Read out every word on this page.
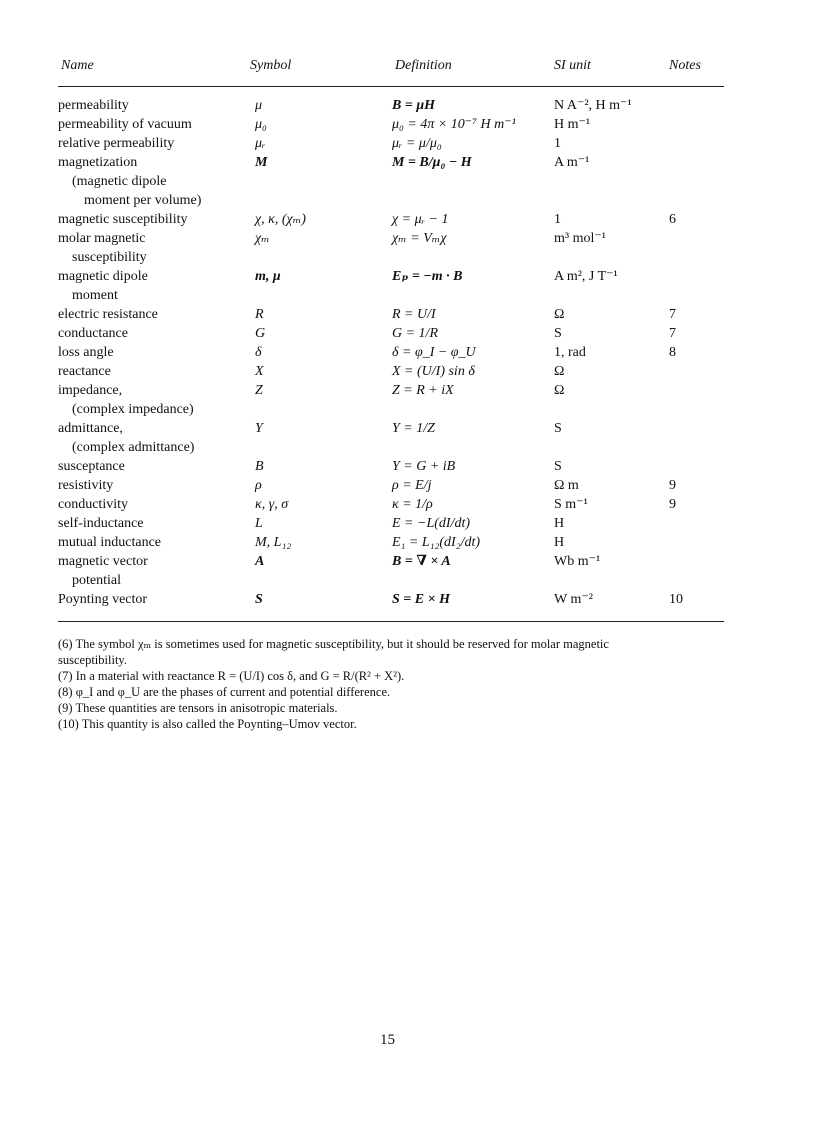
Name	Symbol	Definition	SI unit	Notes
permeability	μ	B = μH	N A⁻², H m⁻¹
permeability of vacuum	μ₀	μ₀ = 4π × 10⁻⁷ H m⁻¹	H m⁻¹
relative permeability	μᵣ	μᵣ = μ/μ₀	1
magnetization	M	M = B/μ₀ − H	A m⁻¹
(magnetic dipole
moment per volume)
magnetic susceptibility	χ, κ, (χₘ)	χ = μᵣ − 1	1	6
molar magnetic	χₘ	χₘ = Vₘχ	m³ mol⁻¹
susceptibility
magnetic dipole	m, μ	Eₚ = −m · B	A m², J T⁻¹
moment
electric resistance	R	R = U/I	Ω	7
conductance	G	G = 1/R	S	7
loss angle	δ	δ = φ_I − φ_U	1, rad	8
reactance	X	X = (U/I) sin δ	Ω
impedance,	Z	Z = R + iX	Ω
(complex impedance)
admittance,	Y	Y = 1/Z	S
(complex admittance)
susceptance	B	Y = G + iB	S
resistivity	ρ	ρ = E/j	Ω m	9
conductivity	κ, γ, σ	κ = 1/ρ	S m⁻¹	9
self-inductance	L	E = −L(dI/dt)	H
mutual inductance	M, L₁₂	E₁ = L₁₂(dI₂/dt)	H
magnetic vector	A	B = ∇ × A	Wb m⁻¹
potential
Poynting vector	S	S = E × H	W m⁻²	10
(6) The symbol χₘ is sometimes used for magnetic susceptibility, but it should be reserved for molar magnetic
susceptibility.
(7) In a material with reactance R = (U/I) cos δ, and G = R/(R² + X²).
(8) φ_I and φ_U are the phases of current and potential difference.
(9) These quantities are tensors in anisotropic materials.
(10) This quantity is also called the Poynting–Umov vector.
15
